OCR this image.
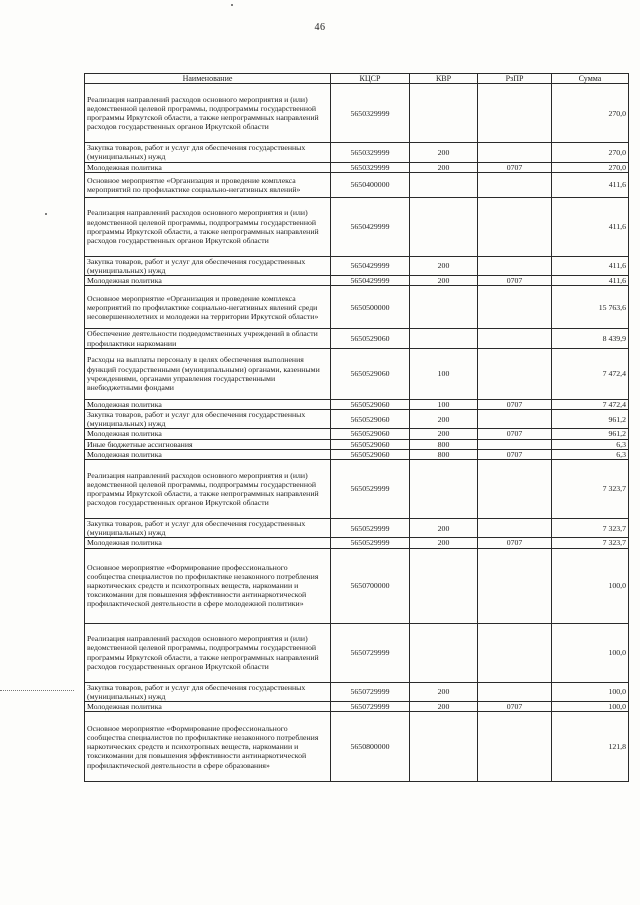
46
Наименование	КЦСР	КВР	РзПР	Сумма
Реализация направлений расходов основного мероприятия и (или) ведомственной целевой программы, подпрограммы государственной программы Иркутской области, а также непрограммных направлений расходов государственных органов Иркутской области	5650329999			270,0
Закупка товаров, работ и услуг для обеспечения государственных (муниципальных) нужд	5650329999	200		270,0
Молодежная политика	5650329999	200	0707	270,0
Основное мероприятие «Организация и проведение комплекса мероприятий по профилактике социально-негативных явлений»	5650400000			411,6
Реализация направлений расходов основного мероприятия и (или) ведомственной целевой программы, подпрограммы государственной программы Иркутской области, а также непрограммных направлений расходов государственных органов Иркутской области	5650429999			411,6
Закупка товаров, работ и услуг для обеспечения государственных (муниципальных) нужд	5650429999	200		411,6
Молодежная политика	5650429999	200	0707	411,6
Основное мероприятие «Организация и проведение комплекса мероприятий по профилактике социально-негативных явлений среди несовершеннолетних и молодежи на территории Иркутской области»	5650500000			15 763,6
Обеспечение деятельности подведомственных учреждений в области профилактики наркомании	5650529060			8 439,9
Расходы на выплаты персоналу в целях обеспечения выполнения функций государственными (муниципальными) органами, казенными учреждениями, органами управления государственными внебюджетными фондами	5650529060	100		7 472,4
Молодежная политика	5650529060	100	0707	7 472,4
Закупка товаров, работ и услуг для обеспечения государственных (муниципальных) нужд	5650529060	200		961,2
Молодежная политика	5650529060	200	0707	961,2
Иные бюджетные ассигнования	5650529060	800		6,3
Молодежная политика	5650529060	800	0707	6,3
Реализация направлений расходов основного мероприятия и (или) ведомственной целевой программы, подпрограммы государственной программы Иркутской области, а также непрограммных направлений расходов государственных органов Иркутской области	5650529999			7 323,7
Закупка товаров, работ и услуг для обеспечения государственных (муниципальных) нужд	5650529999	200		7 323,7
Молодежная политика	5650529999	200	0707	7 323,7
Основное мероприятие «Формирование профессионального сообщества специалистов по профилактике незаконного потребления наркотических средств и психотропных веществ, наркомании и токсикомании для повышения эффективности антинаркотической профилактической деятельности в сфере молодежной политики»	5650700000			100,0
Реализация направлений расходов основного мероприятия и (или) ведомственной целевой программы, подпрограммы государственной программы Иркутской области, а также непрограммных направлений расходов государственных органов Иркутской области	5650729999			100,0
Закупка товаров, работ и услуг для обеспечения государственных (муниципальных) нужд	5650729999	200		100,0
Молодежная политика	5650729999	200	0707	100,0
Основное мероприятие «Формирование профессионального сообщества специалистов по профилактике незаконного потребления наркотических средств и психотропных веществ, наркомании и токсикомании для повышения эффективности антинаркотической профилактической деятельности в сфере образования»	5650800000			121,8
